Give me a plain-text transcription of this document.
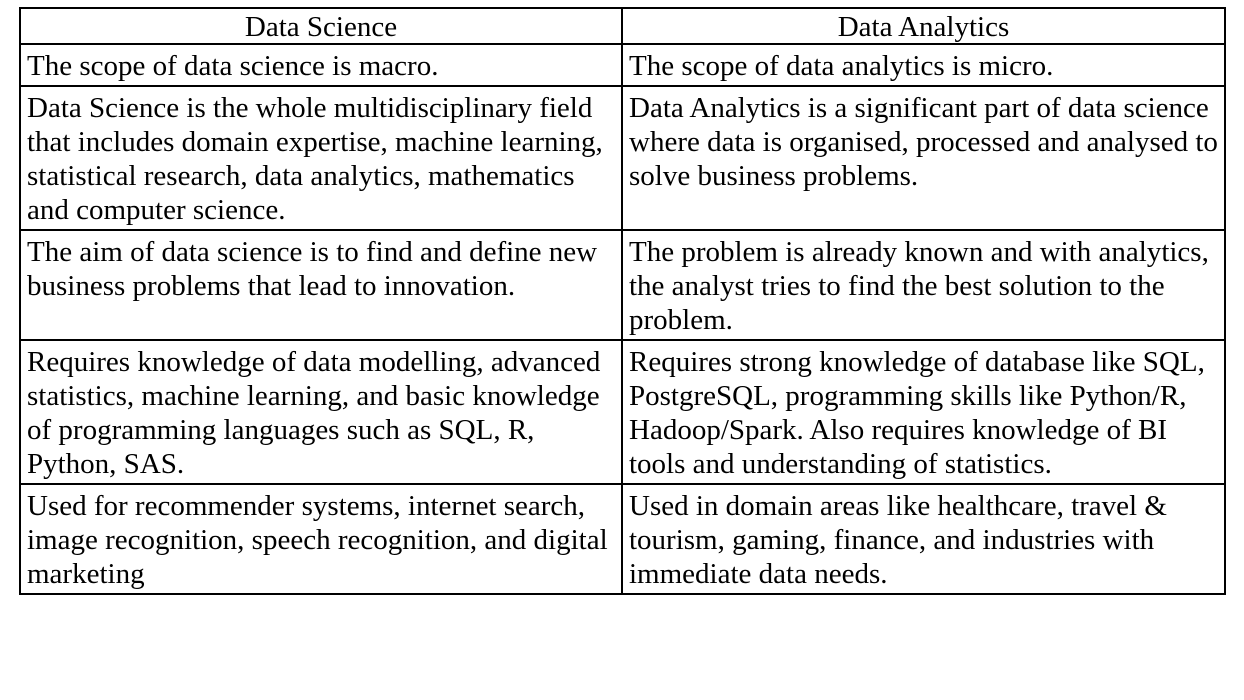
Data Science	Data Analytics
The scope of data science is macro.	The scope of data analytics is micro.
Data Science is the whole multidisciplinary field that includes domain expertise, machine learning, statistical research, data analytics, mathematics and computer science.	Data Analytics is a significant part of data science where data is organised, processed and analysed to solve business problems.
The aim of data science is to find and define new business problems that lead to innovation.	The problem is already known and with analytics, the analyst tries to find the best solution to the problem.
Requires knowledge of data modelling, advanced statistics, machine learning, and basic knowledge of programming languages such as SQL, R, Python, SAS.	Requires strong knowledge of database like SQL, PostgreSQL, programming skills like Python/R, Hadoop/Spark. Also requires knowledge of BI tools and understanding of statistics.
Used for recommender systems, internet search, image recognition, speech recognition, and digital marketing	Used in domain areas like healthcare, travel & tourism, gaming, finance, and industries with immediate data needs.
